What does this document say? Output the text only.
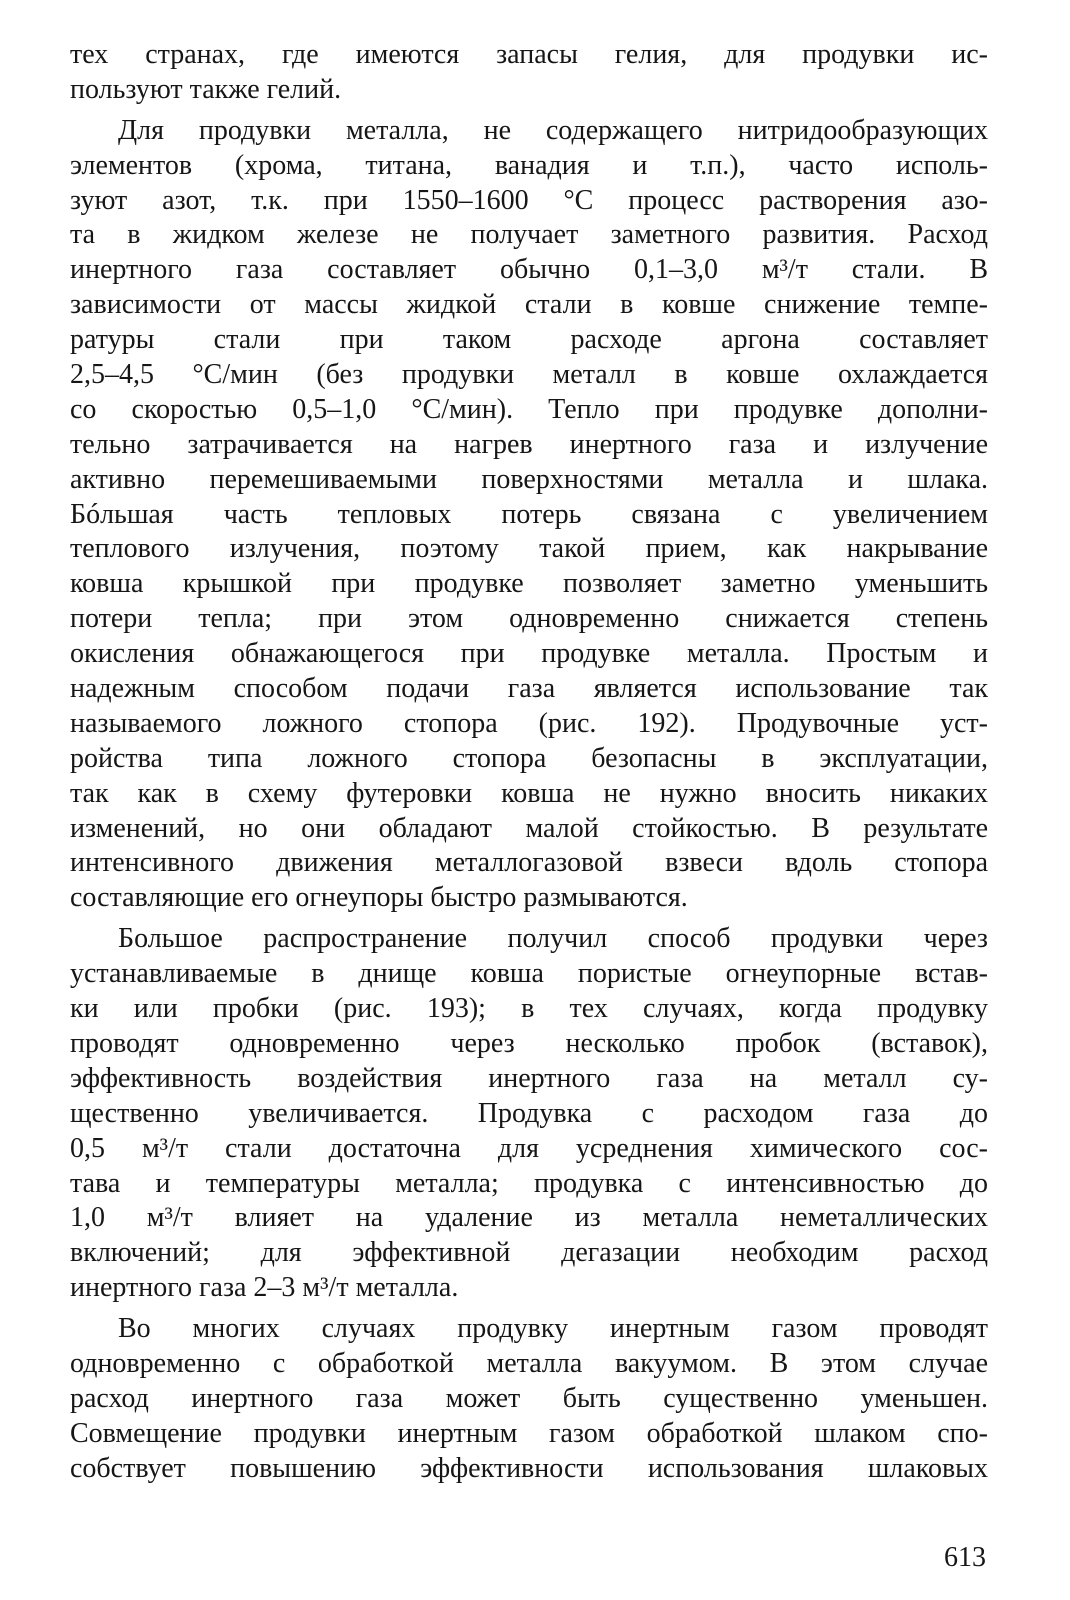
тех странах, где имеются запасы гелия, для продувки ис-
пользуют также гелий.
Для продувки металла, не содержащего нитридообразующих
элементов (хрома, титана, ванадия и т.п.), часто исполь-
зуют азот, т.к. при 1550–1600 °С процесс растворения азо-
та в жидком железе не получает заметного развития. Расход
инертного газа составляет обычно 0,1–3,0 м³/т стали. В
зависимости от массы жидкой стали в ковше снижение темпе-
ратуры стали при таком расходе аргона составляет
2,5–4,5 °С/мин (без продувки металл в ковше охлаждается
со скоростью 0,5–1,0 °С/мин). Тепло при продувке дополни-
тельно затрачивается на нагрев инертного газа и излучение
активно перемешиваемыми поверхностями металла и шлака.
Бóльшая часть тепловых потерь связана с увеличением
теплового излучения, поэтому такой прием, как накрывание
ковша крышкой при продувке позволяет заметно уменьшить
потери тепла; при этом одновременно снижается степень
окисления обнажающегося при продувке металла. Простым и
надежным способом подачи газа является использование так
называемого ложного стопора (рис. 192). Продувочные уст-
ройства типа ложного стопора безопасны в эксплуатации,
так как в схему футеровки ковша не нужно вносить никаких
изменений, но они обладают малой стойкостью. В результате
интенсивного движения металлогазовой взвеси вдоль стопора
составляющие его огнеупоры быстро размываются.
Большое распространение получил способ продувки через
устанавливаемые в днище ковша пористые огнеупорные встав-
ки или пробки (рис. 193); в тех случаях, когда продувку
проводят одновременно через несколько пробок (вставок),
эффективность воздействия инертного газа на металл су-
щественно увеличивается. Продувка с расходом газа до
0,5 м³/т стали достаточна для усреднения химического сос-
тава и температуры металла; продувка с интенсивностью до
1,0 м³/т влияет на удаление из металла неметаллических
включений; для эффективной дегазации необходим расход
инертного газа 2–3 м³/т металла.
Во многих случаях продувку инертным газом проводят
одновременно с обработкой металла вакуумом. В этом случае
расход инертного газа может быть существенно уменьшен.
Совмещение продувки инертным газом обработкой шлаком спо-
собствует повышению эффективности использования шлаковых
613
